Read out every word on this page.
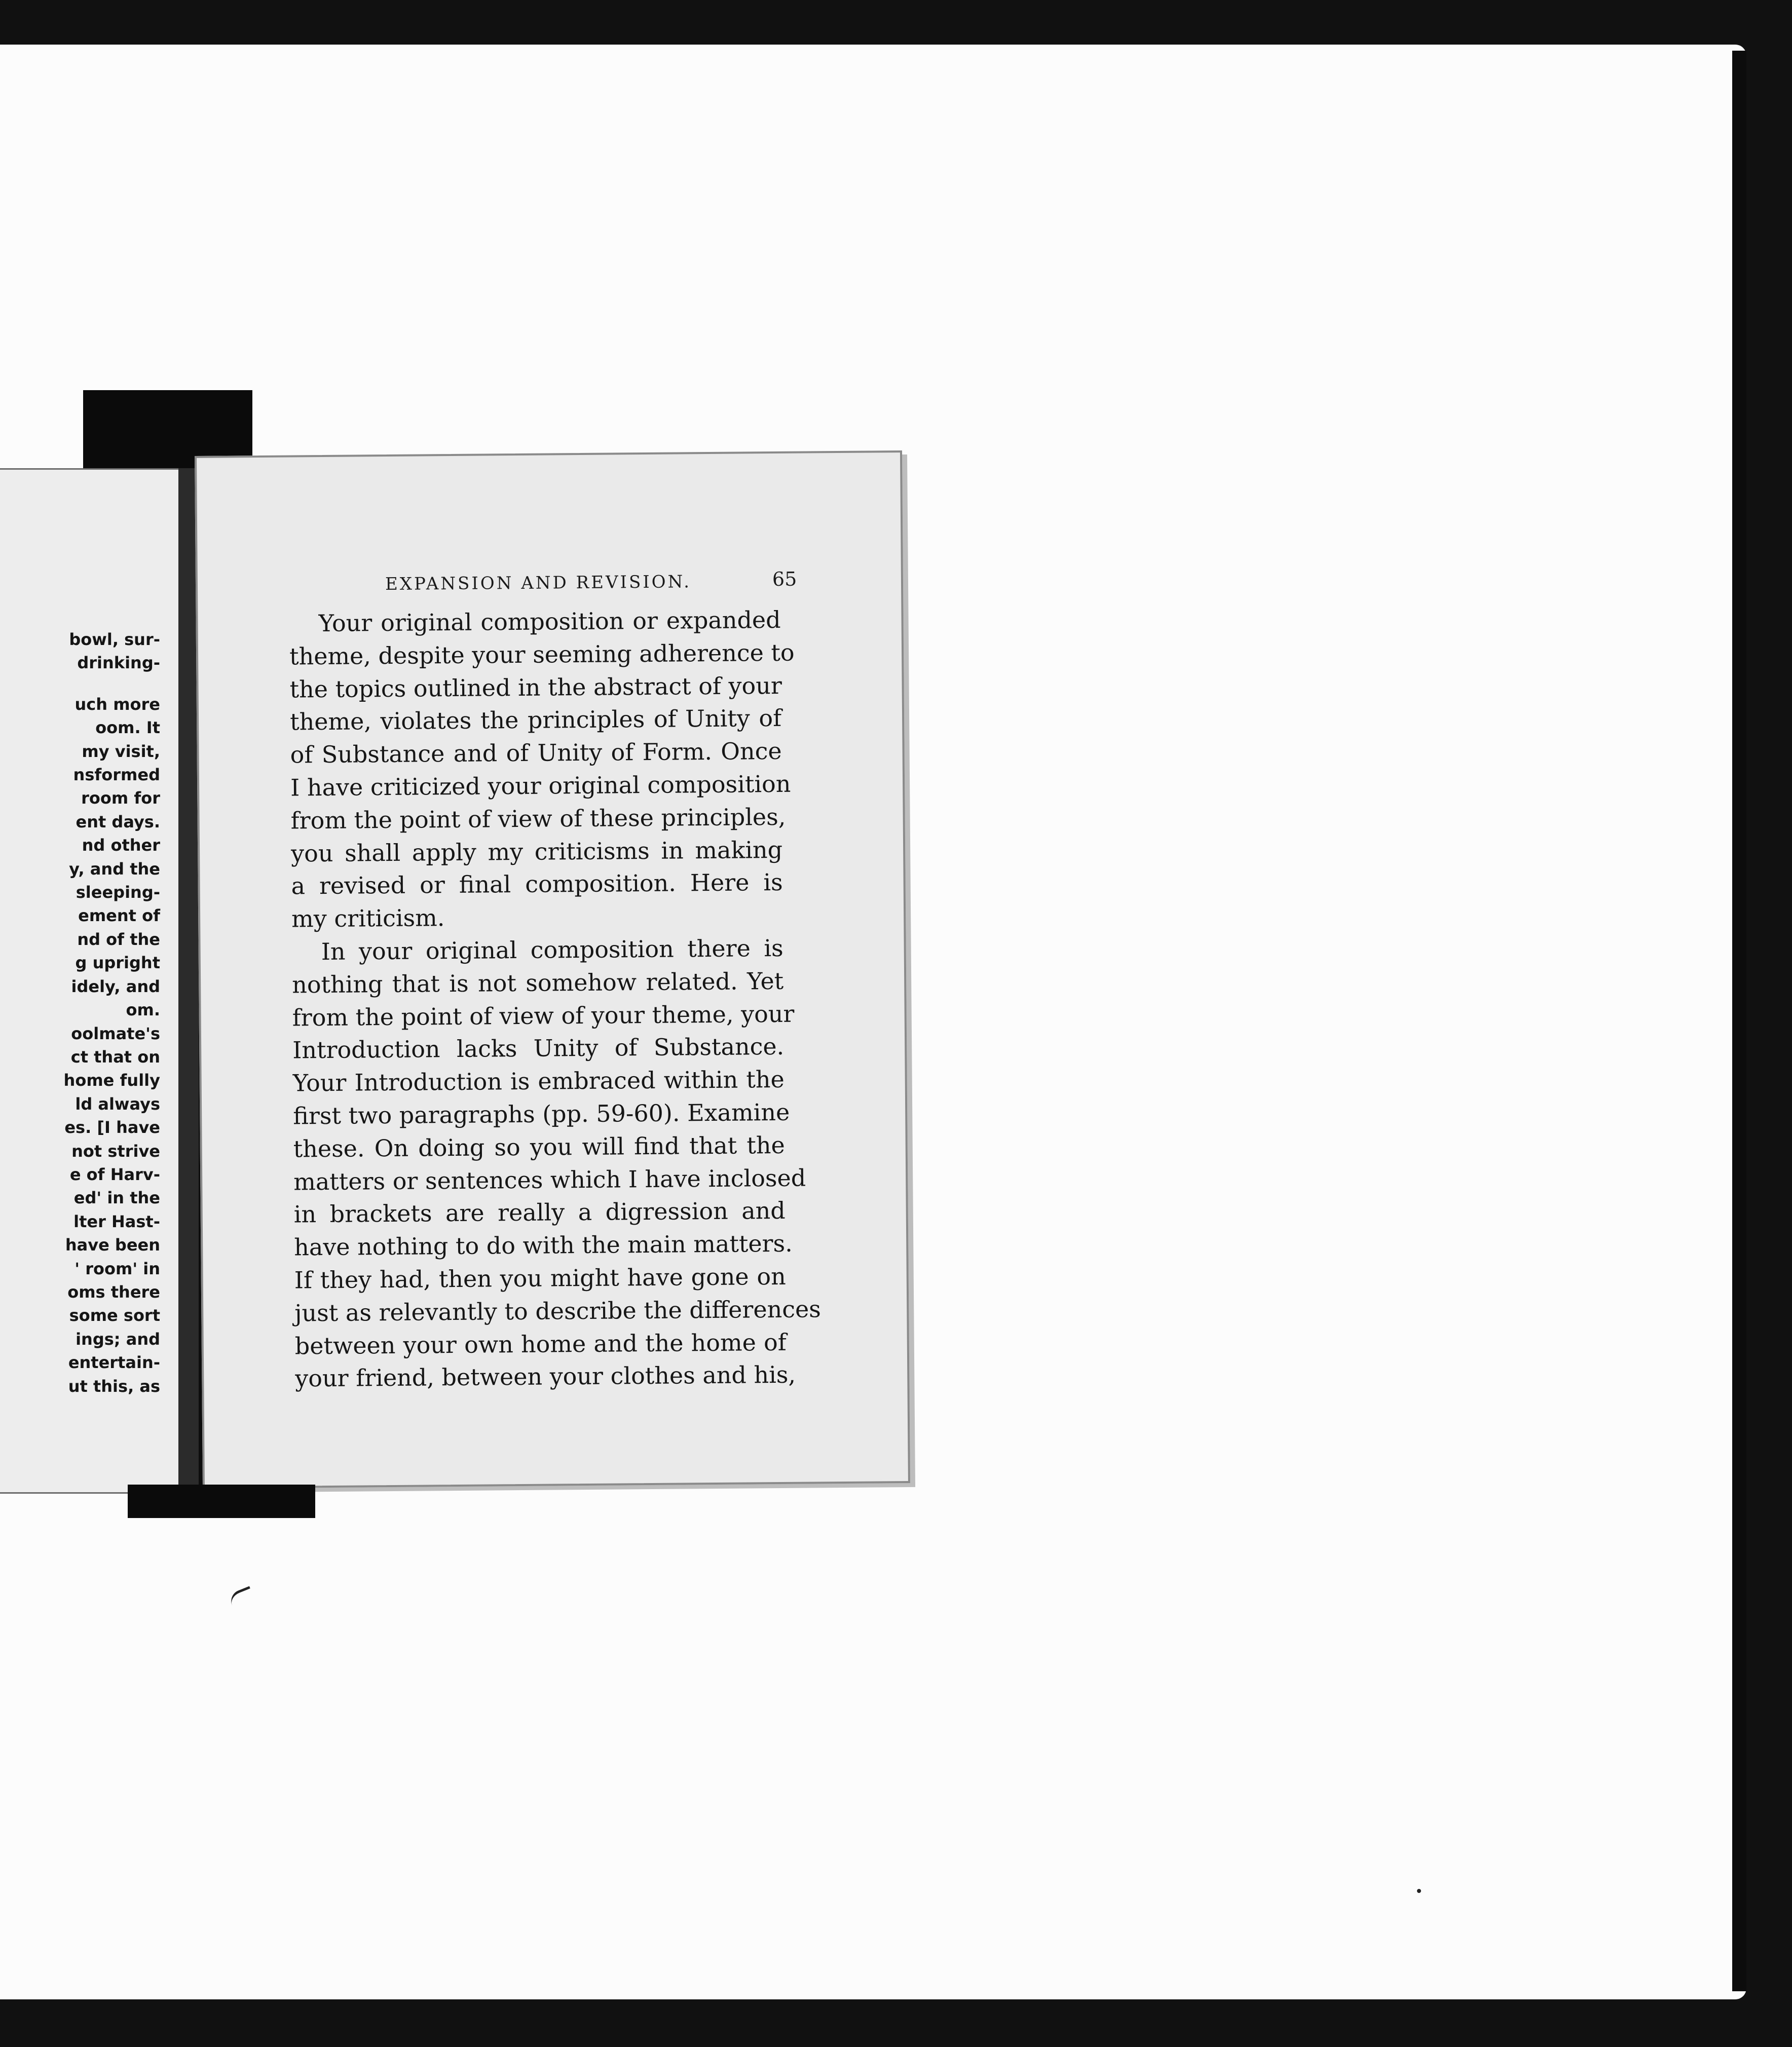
bowl, sur-
drinking-
uch more
oom. It
my visit,
nsformed
room for
ent days.
nd other
y, and the
sleeping-
ement of
nd of the
g upright
idely, and
om.
oolmate's
ct that on
home fully
ld always
es. [I have
not strive
e of Harv-
ed' in the
lter Hast-
have been
' room' in
oms there
some sort
ings; and
entertain-
ut this, as
EXPANSION AND REVISION.	65
Your original composition or expanded
theme, despite your seeming adherence to
the topics outlined in the abstract of your
theme, violates the principles of Unity of
of Substance and of Unity of Form. Once
I have criticized your original composition
from the point of view of these principles,
you shall apply my criticisms in making
a revised or final composition. Here is
my criticism.
In your original composition there is
nothing that is not somehow related. Yet
from the point of view of your theme, your
Introduction lacks Unity of Substance.
Your Introduction is embraced within the
first two paragraphs (pp. 59-60). Examine
these. On doing so you will find that the
matters or sentences which I have inclosed
in brackets are really a digression and
have nothing to do with the main matters.
If they had, then you might have gone on
just as relevantly to describe the differences
between your own home and the home of
your friend, between your clothes and his,
